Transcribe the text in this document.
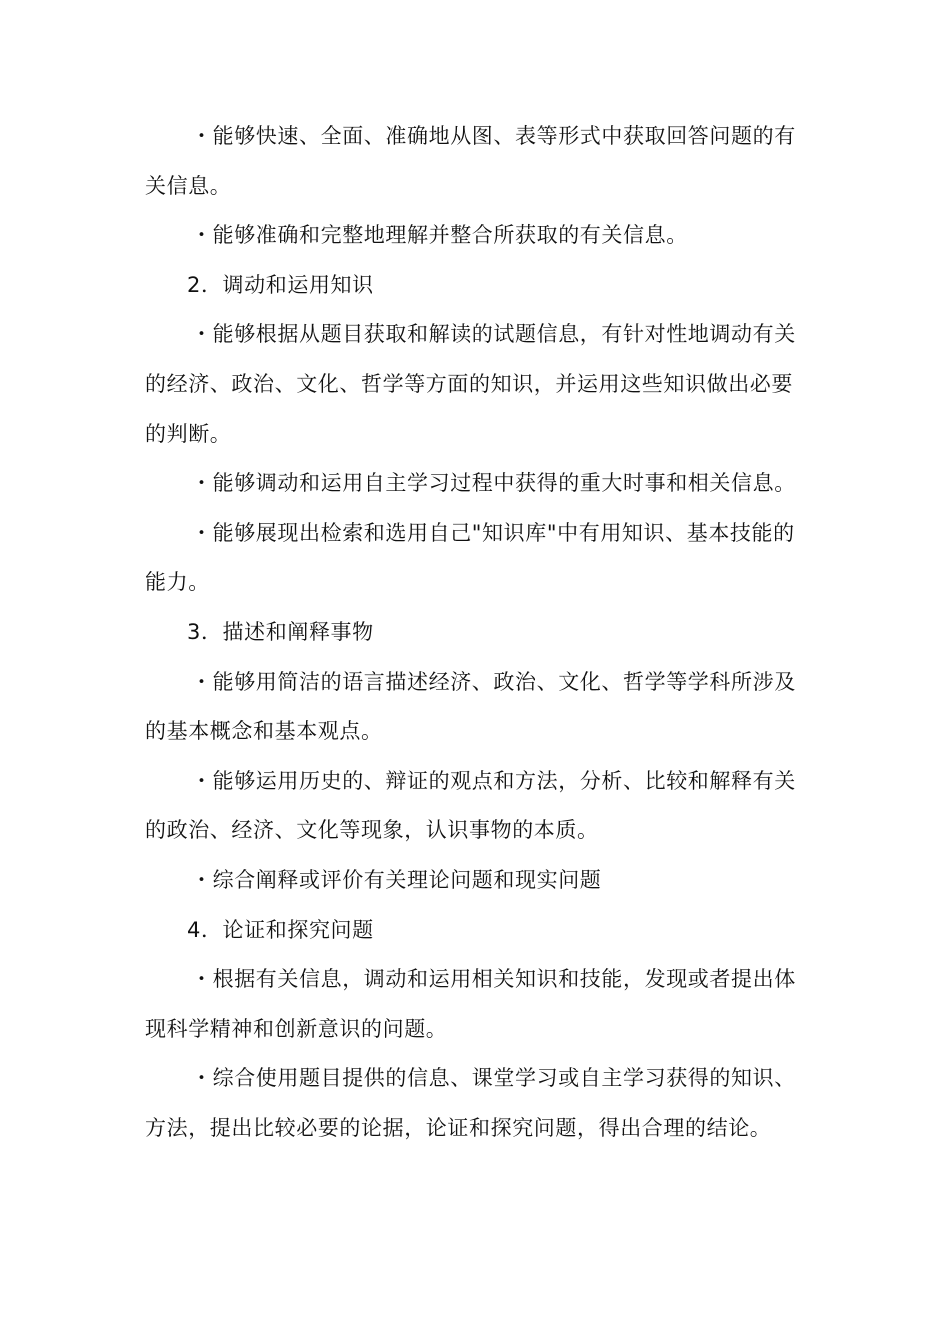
・能够快速、全面、准确地从图、表等形式中获取回答问题的有关信息。

・能够准确和完整地理解并整合所获取的有关信息。

2．调动和运用知识

・能够根据从题目获取和解读的试题信息，有针对性地调动有关的经济、政治、文化、哲学等方面的知识，并运用这些知识做出必要的判断。

・能够调动和运用自主学习过程中获得的重大时事和相关信息。

・能够展现出检索和选用自己"知识库"中有用知识、基本技能的能力。

3．描述和阐释事物

・能够用简洁的语言描述经济、政治、文化、哲学等学科所涉及的基本概念和基本观点。

・能够运用历史的、辩证的观点和方法，分析、比较和解释有关的政治、经济、文化等现象，认识事物的本质。

・综合阐释或评价有关理论问题和现实问题

4．论证和探究问题

・根据有关信息，调动和运用相关知识和技能，发现或者提出体现科学精神和创新意识的问题。

・综合使用题目提供的信息、课堂学习或自主学习获得的知识、方法，提出比较必要的论据，论证和探究问题，得出合理的结论。
